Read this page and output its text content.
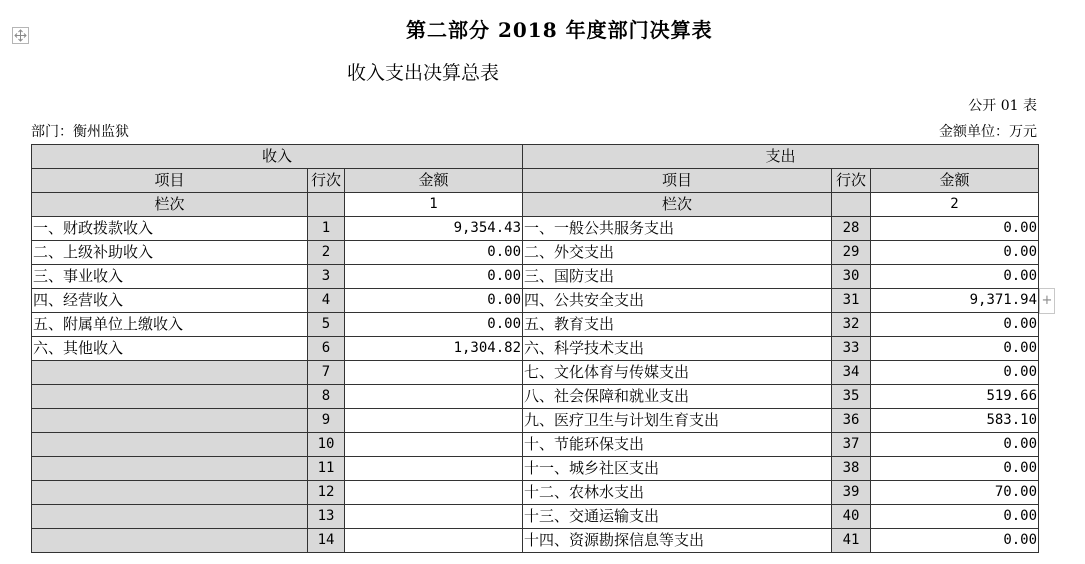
第二部分 2018 年度部门决算表
收入支出决算总表
公开 01 表
部门：衡州监狱	金额单位：万元
收入			支出		
项目	行次	金额	项目	行次	金额
栏次		1	栏次		2
一、财政拨款收入	1	9,354.43	一、一般公共服务支出	28	0.00
二、上级补助收入	2	0.00	二、外交支出	29	0.00
三、事业收入	3	0.00	三、国防支出	30	0.00
四、经营收入	4	0.00	四、公共安全支出	31	9,371.94
五、附属单位上缴收入	5	0.00	五、教育支出	32	0.00
六、其他收入	6	1,304.82	六、科学技术支出	33	0.00
	7		七、文化体育与传媒支出	34	0.00
	8		八、社会保障和就业支出	35	519.66
	9		九、医疗卫生与计划生育支出	36	583.10
	10		十、节能环保支出	37	0.00
	11		十一、城乡社区支出	38	0.00
	12		十二、农林水支出	39	70.00
	13		十三、交通运输支出	40	0.00
	14		十四、资源勘探信息等支出	41	0.00
+
